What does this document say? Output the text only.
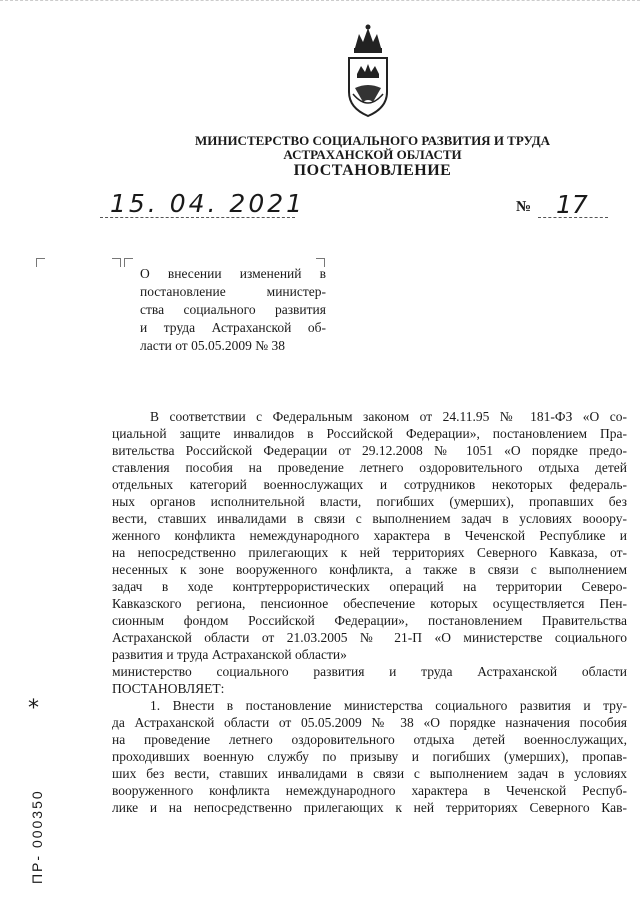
МИНИСТЕРСТВО СОЦИАЛЬНОГО РАЗВИТИЯ И ТРУДА
АСТРАХАНСКОЙ ОБЛАСТИ
ПОСТАНОВЛЕНИЕ
15. 04. 2021	№ 17
О внесении изменений в
постановление министер-
ства социального развития
и труда Астраханской об-
ласти от 05.05.2009 № 38
В соответствии с Федеральным законом от 24.11.95 № 181-ФЗ «О со-
циальной защите инвалидов в Российской Федерации», постановлением Пра-
вительства Российской Федерации от 29.12.2008 № 1051 «О порядке предо-
ставления пособия на проведение летнего оздоровительного отдыха детей
отдельных категорий военнослужащих и сотрудников некоторых федераль-
ных органов исполнительной власти, погибших (умерших), пропавших без
вести, ставших инвалидами в связи с выполнением задач в условиях вооору-
женного конфликта немеждународного характера в Чеченской Республике и
на непосредственно прилегающих к ней территориях Северного Кавказа, от-
несенных к зоне вооруженного конфликта, а также в связи с выполнением
задач в ходе контртеррористических операций на территории Северо-
Кавказского региона, пенсионное обеспечение которых осуществляется Пен-
сионным фондом Российской Федерации», постановлением Правительства
Астраханской области от 21.03.2005 № 21-П «О министерстве социального
развития и труда Астраханской области»
министерство социального развития и труда Астраханской области
ПОСТАНОВЛЯЕТ:
1. Внести в постановление министерства социального развития и тру-
да Астраханской области от 05.05.2009 № 38 «О порядке назначения пособия
на проведение летнего оздоровительного отдыха детей военнослужащих,
проходивших военную службу по призыву и погибших (умерших), пропав-
ших без вести, ставших инвалидами в связи с выполнением задач в условиях
вооруженного конфликта немеждународного характера в Чеченской Респуб-
лике и на непосредственно прилегающих к ней территориях Северного Кав-
*
ПР- 000350
